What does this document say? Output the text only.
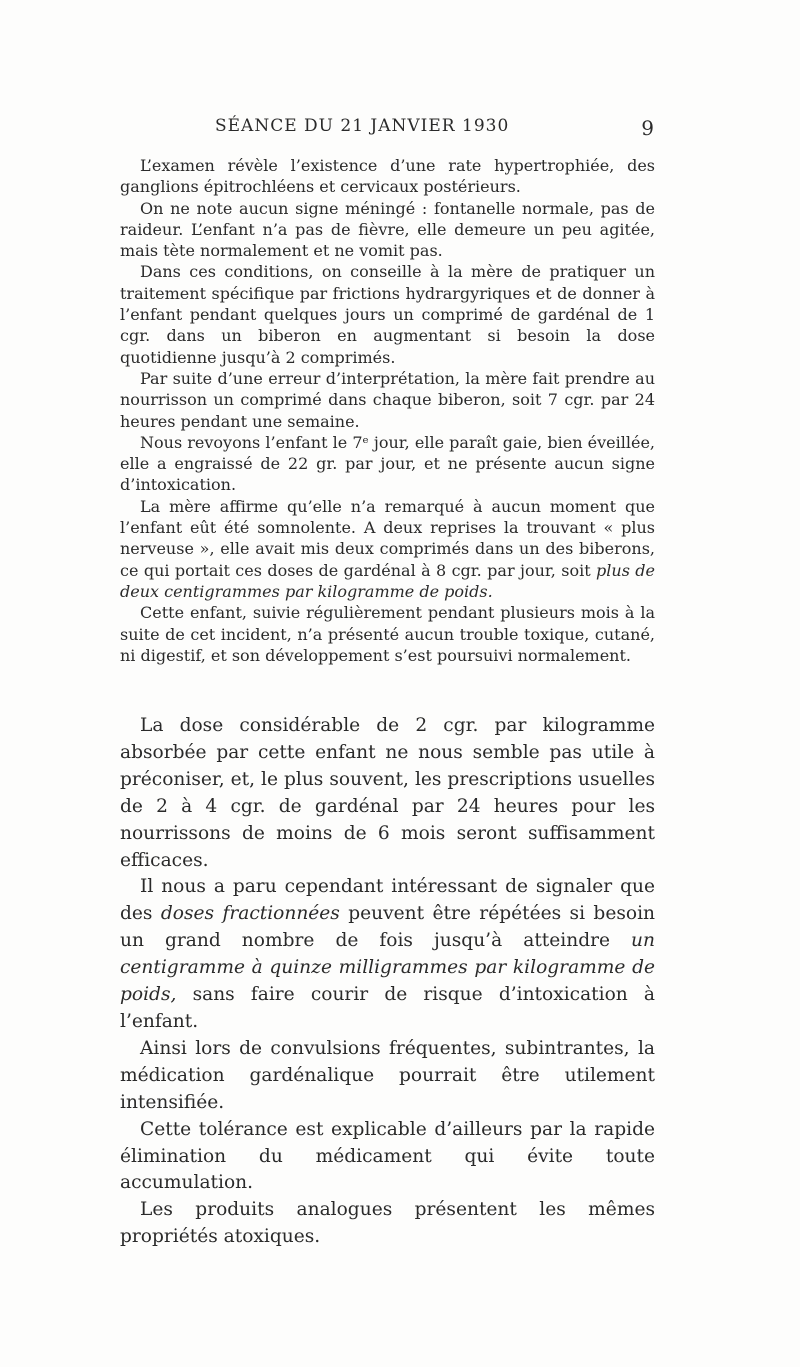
SÉANCE DU 21 JANVIER 1930	9

L’examen révèle l’existence d’une rate hypertrophiée, des ganglions épitrochléens et cervicaux postérieurs.

On ne note aucun signe méningé : fontanelle normale, pas de raideur. L’enfant n’a pas de fièvre, elle demeure un peu agitée, mais tète normalement et ne vomit pas.

Dans ces conditions, on conseille à la mère de pratiquer un traitement spécifique par frictions hydrargyriques et de donner à l’enfant pendant quelques jours un comprimé de gardénal de 1 cgr. dans un biberon en augmentant si besoin la dose quotidienne jusqu’à 2 comprimés.

Par suite d’une erreur d’interprétation, la mère fait prendre au nourrisson un comprimé dans chaque biberon, soit 7 cgr. par 24 heures pendant une semaine.

Nous revoyons l’enfant le 7ᵉ jour, elle paraît gaie, bien éveillée, elle a engraissé de 22 gr. par jour, et ne présente aucun signe d’intoxication.

La mère affirme qu’elle n’a remarqué à aucun moment que l’enfant eût été somnolente. A deux reprises la trouvant « plus nerveuse », elle avait mis deux comprimés dans un des biberons, ce qui portait ces doses de gardénal à 8 cgr. par jour, soit plus de deux centigrammes par kilogramme de poids.

Cette enfant, suivie régulièrement pendant plusieurs mois à la suite de cet incident, n’a présenté aucun trouble toxique, cutané, ni digestif, et son développement s’est poursuivi normalement.

La dose considérable de 2 cgr. par kilogramme absorbée par cette enfant ne nous semble pas utile à préconiser, et, le plus souvent, les prescriptions usuelles de 2 à 4 cgr. de gardénal par 24 heures pour les nourrissons de moins de 6 mois seront suffisamment efficaces.

Il nous a paru cependant intéressant de signaler que des doses fractionnées peuvent être répétées si besoin un grand nombre de fois jusqu’à atteindre un centigramme à quinze milligrammes par kilogramme de poids, sans faire courir de risque d’intoxication à l’enfant.

Ainsi lors de convulsions fréquentes, subintrantes, la médication gardénalique pourrait être utilement intensifiée.

Cette tolérance est explicable d’ailleurs par la rapide élimination du médicament qui évite toute accumulation.

Les produits analogues présentent les mêmes propriétés atoxiques.
